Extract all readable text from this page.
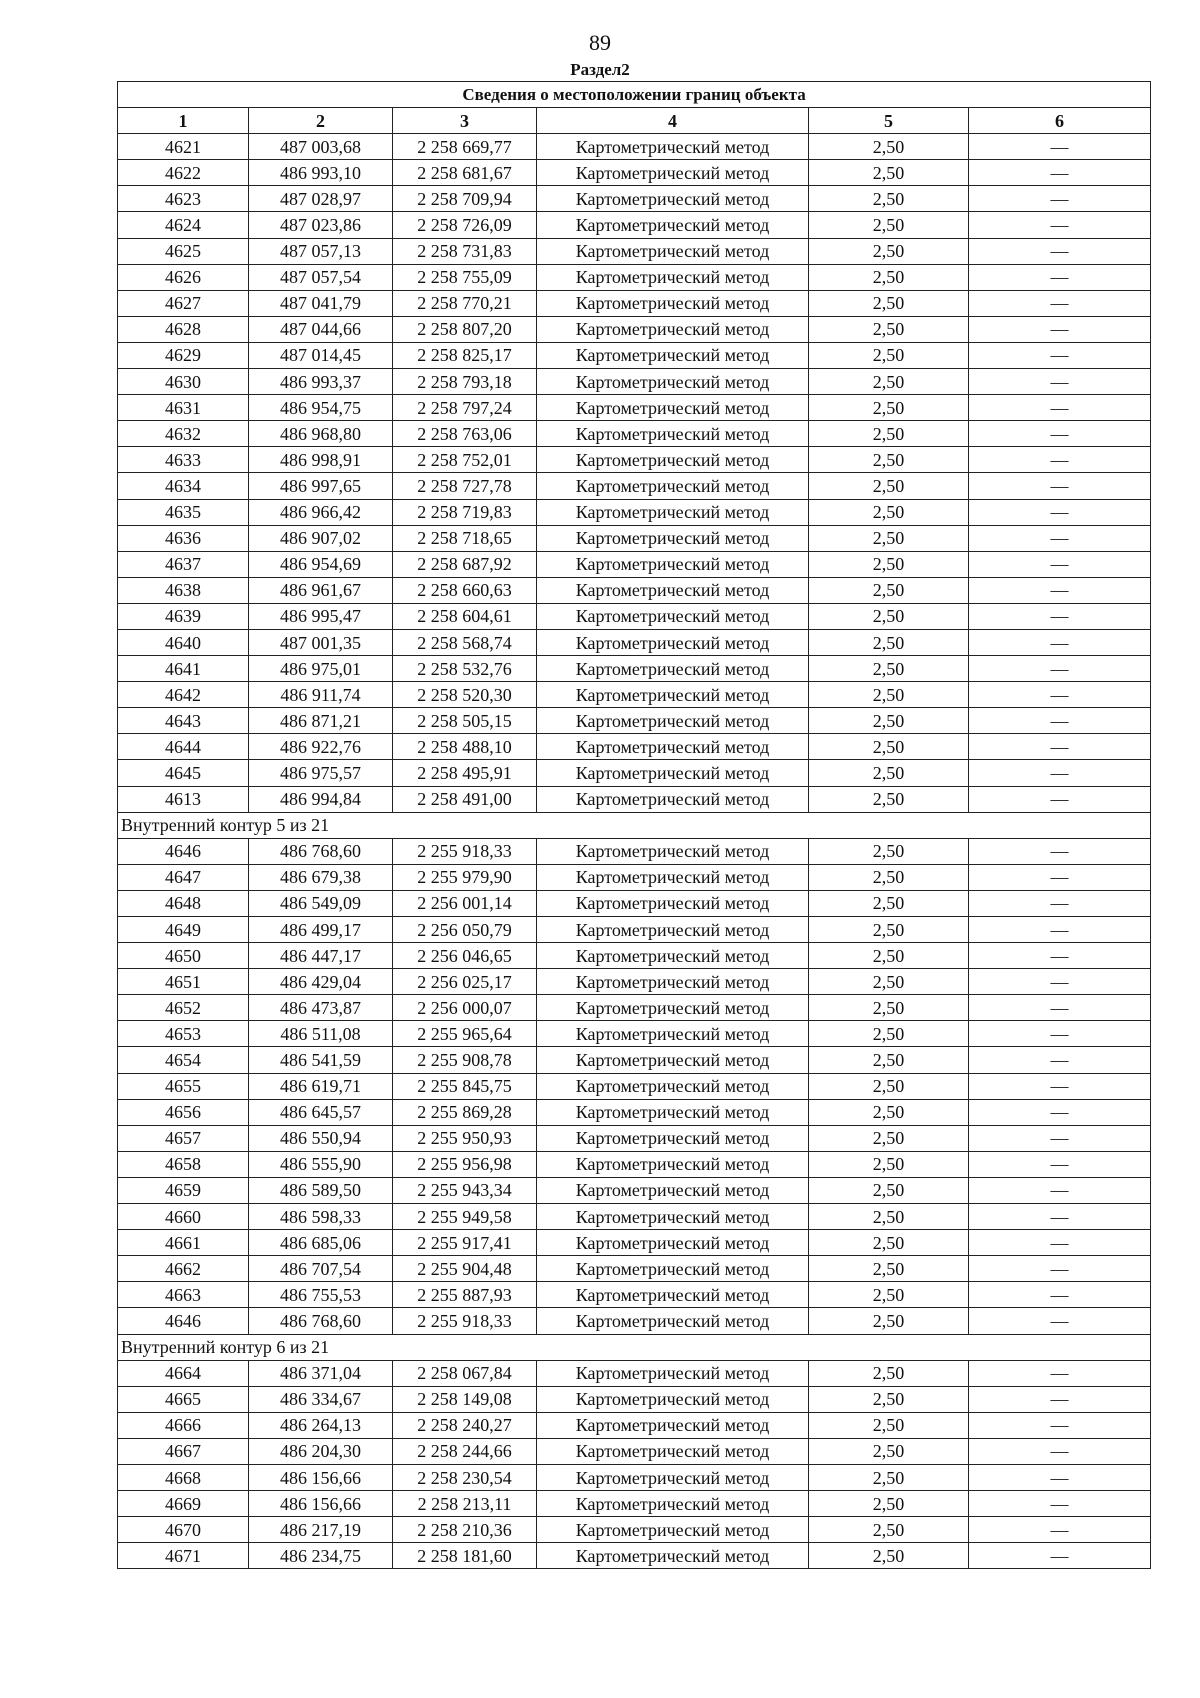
89
Раздел2
Сведения о местоположении границ объекта					
1	2	3	4	5	6
4621	487 003,68	2 258 669,77	Картометрический метод	2,50	—
4622	486 993,10	2 258 681,67	Картометрический метод	2,50	—
4623	487 028,97	2 258 709,94	Картометрический метод	2,50	—
4624	487 023,86	2 258 726,09	Картометрический метод	2,50	—
4625	487 057,13	2 258 731,83	Картометрический метод	2,50	—
4626	487 057,54	2 258 755,09	Картометрический метод	2,50	—
4627	487 041,79	2 258 770,21	Картометрический метод	2,50	—
4628	487 044,66	2 258 807,20	Картометрический метод	2,50	—
4629	487 014,45	2 258 825,17	Картометрический метод	2,50	—
4630	486 993,37	2 258 793,18	Картометрический метод	2,50	—
4631	486 954,75	2 258 797,24	Картометрический метод	2,50	—
4632	486 968,80	2 258 763,06	Картометрический метод	2,50	—
4633	486 998,91	2 258 752,01	Картометрический метод	2,50	—
4634	486 997,65	2 258 727,78	Картометрический метод	2,50	—
4635	486 966,42	2 258 719,83	Картометрический метод	2,50	—
4636	486 907,02	2 258 718,65	Картометрический метод	2,50	—
4637	486 954,69	2 258 687,92	Картометрический метод	2,50	—
4638	486 961,67	2 258 660,63	Картометрический метод	2,50	—
4639	486 995,47	2 258 604,61	Картометрический метод	2,50	—
4640	487 001,35	2 258 568,74	Картометрический метод	2,50	—
4641	486 975,01	2 258 532,76	Картометрический метод	2,50	—
4642	486 911,74	2 258 520,30	Картометрический метод	2,50	—
4643	486 871,21	2 258 505,15	Картометрический метод	2,50	—
4644	486 922,76	2 258 488,10	Картометрический метод	2,50	—
4645	486 975,57	2 258 495,91	Картометрический метод	2,50	—
4613	486 994,84	2 258 491,00	Картометрический метод	2,50	—
Внутренний контур 5 из 21					
4646	486 768,60	2 255 918,33	Картометрический метод	2,50	—
4647	486 679,38	2 255 979,90	Картометрический метод	2,50	—
4648	486 549,09	2 256 001,14	Картометрический метод	2,50	—
4649	486 499,17	2 256 050,79	Картометрический метод	2,50	—
4650	486 447,17	2 256 046,65	Картометрический метод	2,50	—
4651	486 429,04	2 256 025,17	Картометрический метод	2,50	—
4652	486 473,87	2 256 000,07	Картометрический метод	2,50	—
4653	486 511,08	2 255 965,64	Картометрический метод	2,50	—
4654	486 541,59	2 255 908,78	Картометрический метод	2,50	—
4655	486 619,71	2 255 845,75	Картометрический метод	2,50	—
4656	486 645,57	2 255 869,28	Картометрический метод	2,50	—
4657	486 550,94	2 255 950,93	Картометрический метод	2,50	—
4658	486 555,90	2 255 956,98	Картометрический метод	2,50	—
4659	486 589,50	2 255 943,34	Картометрический метод	2,50	—
4660	486 598,33	2 255 949,58	Картометрический метод	2,50	—
4661	486 685,06	2 255 917,41	Картометрический метод	2,50	—
4662	486 707,54	2 255 904,48	Картометрический метод	2,50	—
4663	486 755,53	2 255 887,93	Картометрический метод	2,50	—
4646	486 768,60	2 255 918,33	Картометрический метод	2,50	—
Внутренний контур 6 из 21					
4664	486 371,04	2 258 067,84	Картометрический метод	2,50	—
4665	486 334,67	2 258 149,08	Картометрический метод	2,50	—
4666	486 264,13	2 258 240,27	Картометрический метод	2,50	—
4667	486 204,30	2 258 244,66	Картометрический метод	2,50	—
4668	486 156,66	2 258 230,54	Картометрический метод	2,50	—
4669	486 156,66	2 258 213,11	Картометрический метод	2,50	—
4670	486 217,19	2 258 210,36	Картометрический метод	2,50	—
4671	486 234,75	2 258 181,60	Картометрический метод	2,50	—
